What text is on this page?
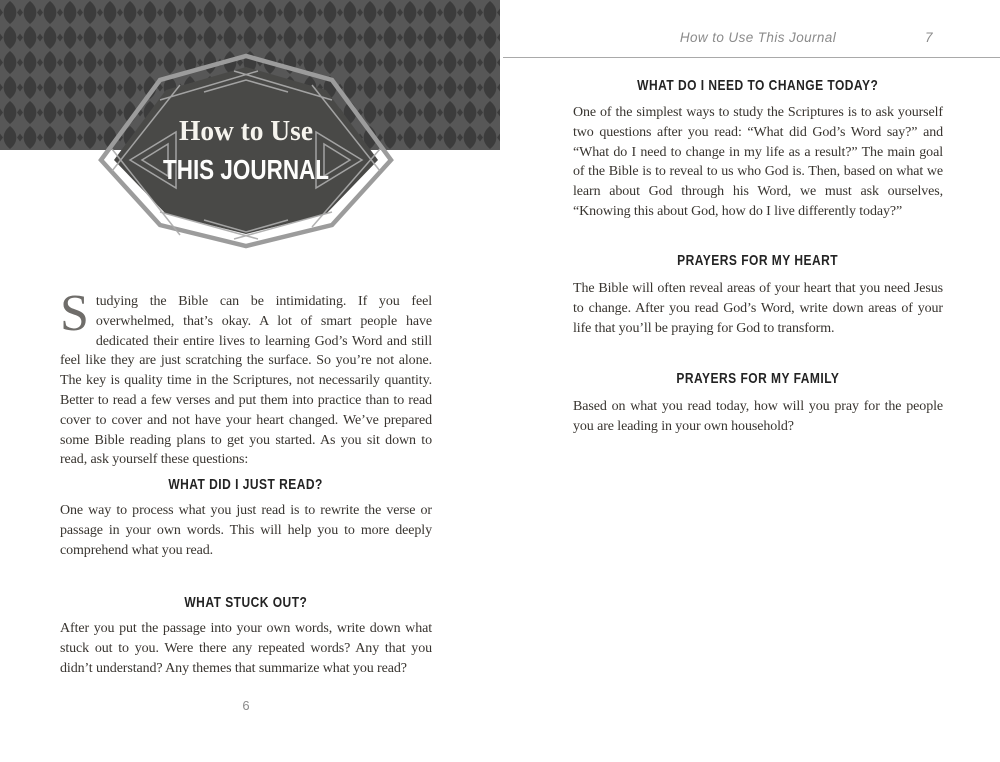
How to Use
THIS JOURNAL
Studying the Bible can be intimidating. If you feel overwhelmed, that’s okay. A lot of smart people have dedicated their entire lives to learning God’s Word and still feel like they are just scratching the surface. So you’re not alone. The key is quality time in the Scriptures, not necessarily quantity. Better to read a few verses and put them into practice than to read cover to cover and not have your heart changed. We’ve prepared some Bible reading plans to get you started. As you sit down to read, ask yourself these questions:
WHAT DID I JUST READ?
One way to process what you just read is to rewrite the verse or passage in your own words. This will help you to more deeply comprehend what you read.
WHAT STUCK OUT?
After you put the passage into your own words, write down what stuck out to you. Were there any repeated words? Any that you didn’t understand? Any themes that summarize what you read?
6
How to Use This Journal	7
WHAT DO I NEED TO CHANGE TODAY?
One of the simplest ways to study the Scriptures is to ask yourself two questions after you read: “What did God’s Word say?” and “What do I need to change in my life as a result?” The main goal of the Bible is to reveal to us who God is. Then, based on what we learn about God through his Word, we must ask ourselves, “Knowing this about God, how do I live differently today?”
PRAYERS FOR MY HEART
The Bible will often reveal areas of your heart that you need Jesus to change. After you read God’s Word, write down areas of your life that you’ll be praying for God to transform.
PRAYERS FOR MY FAMILY
Based on what you read today, how will you pray for the people you are leading in your own household?
